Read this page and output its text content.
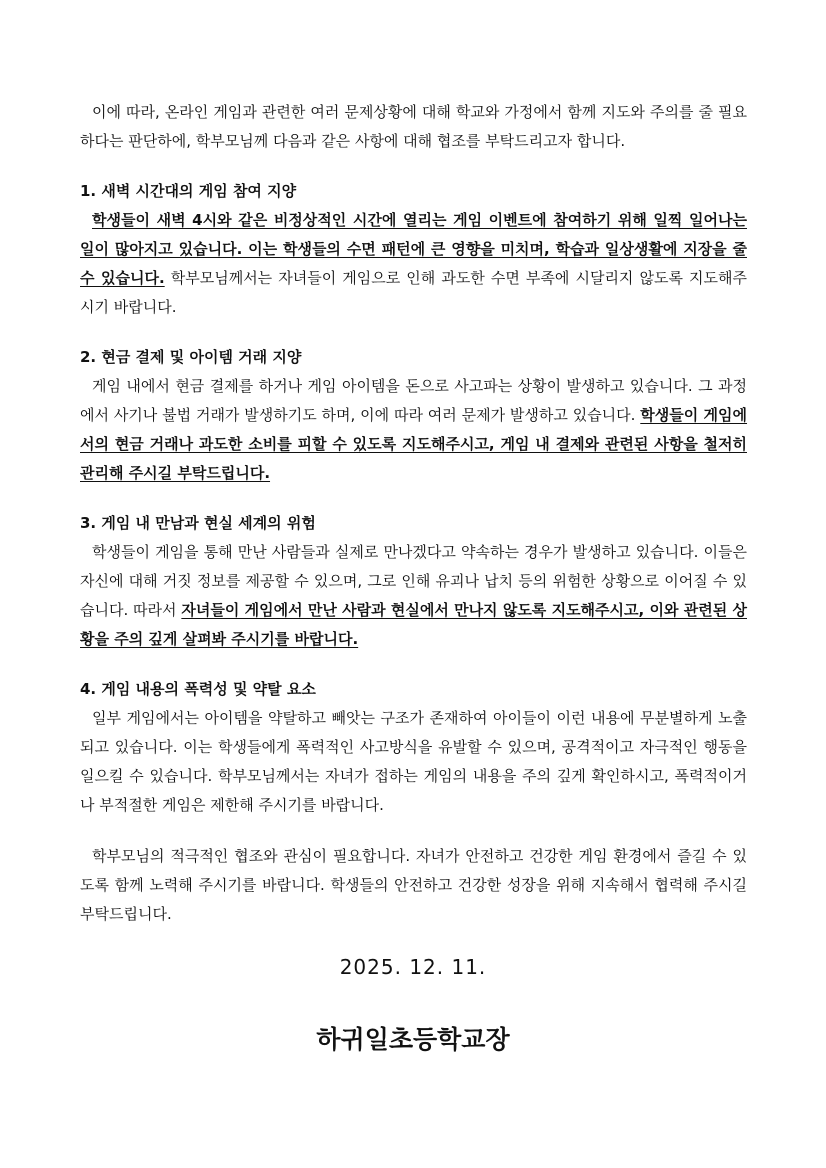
이에 따라, 온라인 게임과 관련한 여러 문제상황에 대해 학교와 가정에서 함께 지도와 주의를 줄 필요하다는 판단하에, 학부모님께 다음과 같은 사항에 대해 협조를 부탁드리고자 합니다.

1. 새벽 시간대의 게임 참여 지양

학생들이 새벽 4시와 같은 비정상적인 시간에 열리는 게임 이벤트에 참여하기 위해 일찍 일어나는 일이 많아지고 있습니다. 이는 학생들의 수면 패턴에 큰 영향을 미치며, 학습과 일상생활에 지장을 줄 수 있습니다. 학부모님께서는 자녀들이 게임으로 인해 과도한 수면 부족에 시달리지 않도록 지도해주시기 바랍니다.

2. 현금 결제 및 아이템 거래 지양

게임 내에서 현금 결제를 하거나 게임 아이템을 돈으로 사고파는 상황이 발생하고 있습니다. 그 과정에서 사기나 불법 거래가 발생하기도 하며, 이에 따라 여러 문제가 발생하고 있습니다. 학생들이 게임에서의 현금 거래나 과도한 소비를 피할 수 있도록 지도해주시고, 게임 내 결제와 관련된 사항을 철저히 관리해 주시길 부탁드립니다.

3. 게임 내 만남과 현실 세계의 위험

학생들이 게임을 통해 만난 사람들과 실제로 만나겠다고 약속하는 경우가 발생하고 있습니다. 이들은 자신에 대해 거짓 정보를 제공할 수 있으며, 그로 인해 유괴나 납치 등의 위험한 상황으로 이어질 수 있습니다. 따라서 자녀들이 게임에서 만난 사람과 현실에서 만나지 않도록 지도해주시고, 이와 관련된 상황을 주의 깊게 살펴봐 주시기를 바랍니다.

4. 게임 내용의 폭력성 및 약탈 요소

일부 게임에서는 아이템을 약탈하고 빼앗는 구조가 존재하여 아이들이 이런 내용에 무분별하게 노출되고 있습니다. 이는 학생들에게 폭력적인 사고방식을 유발할 수 있으며, 공격적이고 자극적인 행동을 일으킬 수 있습니다. 학부모님께서는 자녀가 접하는 게임의 내용을 주의 깊게 확인하시고, 폭력적이거나 부적절한 게임은 제한해 주시기를 바랍니다.

학부모님의 적극적인 협조와 관심이 필요합니다. 자녀가 안전하고 건강한 게임 환경에서 즐길 수 있도록 함께 노력해 주시기를 바랍니다. 학생들의 안전하고 건강한 성장을 위해 지속해서 협력해 주시길 부탁드립니다.

2025. 12. 11.
하귀일초등학교장
